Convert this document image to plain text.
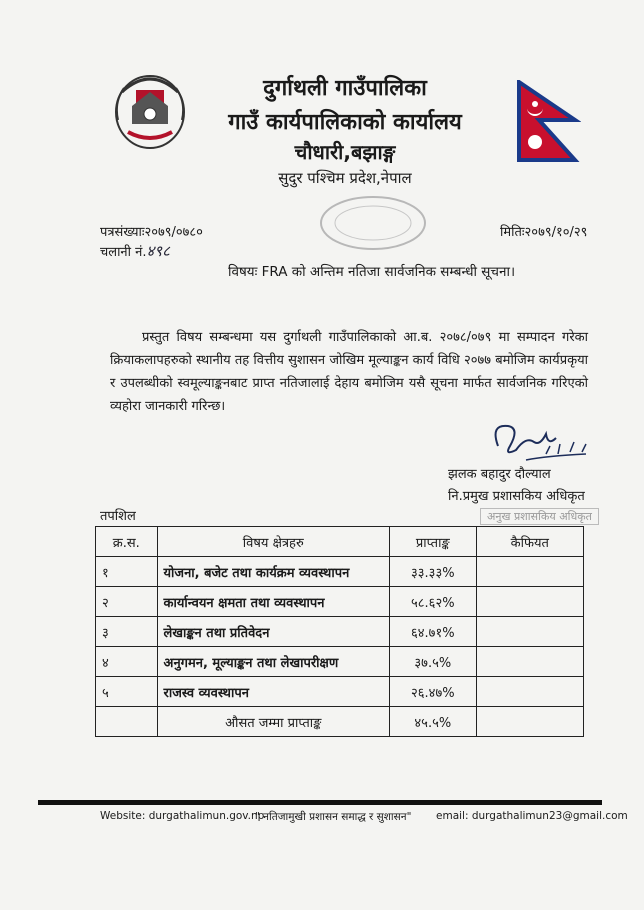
दुर्गाथली गाउँपालिका
गाउँ कार्यपालिकाको कार्यालय
चौधारी,बझाङ्ग
सुदुर पश्चिम प्रदेश,नेपाल
पत्रसंख्याः२०७९/०७८०
चलानी नं.४९८
मितिः२०७९/१०/२९
विषयः FRA को अन्तिम नतिजा सार्वजनिक सम्बन्धी सूचना।
प्रस्तुत विषय सम्बन्धमा यस दुर्गाथली गाउँपालिकाको आ.ब. २०७८/०७९ मा सम्पादन गरेका क्रियाकलापहरुको स्थानीय तह वित्तीय सुशासन जोखिम मूल्याङ्कन कार्य विधि २०७७ बमोजिम कार्यप्रकृया र उपलब्धीको स्वमूल्याङ्कनबाट प्राप्त नतिजालाई देहाय बमोजिम यसै सूचना मार्फत सार्वजनिक गरिएको व्यहोरा जानकारी गरिन्छ।
झलक बहादुर दौल्याल
नि.प्रमुख प्रशासकिय अधिकृत
अनुख प्रशासकिय अधिकृत
तपशिल
क्र.स.	विषय क्षेत्रहरु	प्राप्ताङ्क	कैफियत
१	योजना, बजेट तथा कार्यक्रम व्यवस्थापन	३३.३३%	
२	कार्यान्वयन क्षमता तथा व्यवस्थापन	५८.६२%	
३	लेखाङ्कन तथा प्रतिवेदन	६४.७१%	
४	अनुगमन, मूल्याङ्कन तथा लेखापरीक्षण	३७.५%	
५	राजस्व व्यवस्थापन	२६.४७%	
	औसत जम्मा प्राप्ताङ्क	४५.५%	
Website: durgathalimun.gov.np
" नतिजामुखी प्रशासन समाद्ध र सुशासन" email: durgathalimun23@gmail.com
